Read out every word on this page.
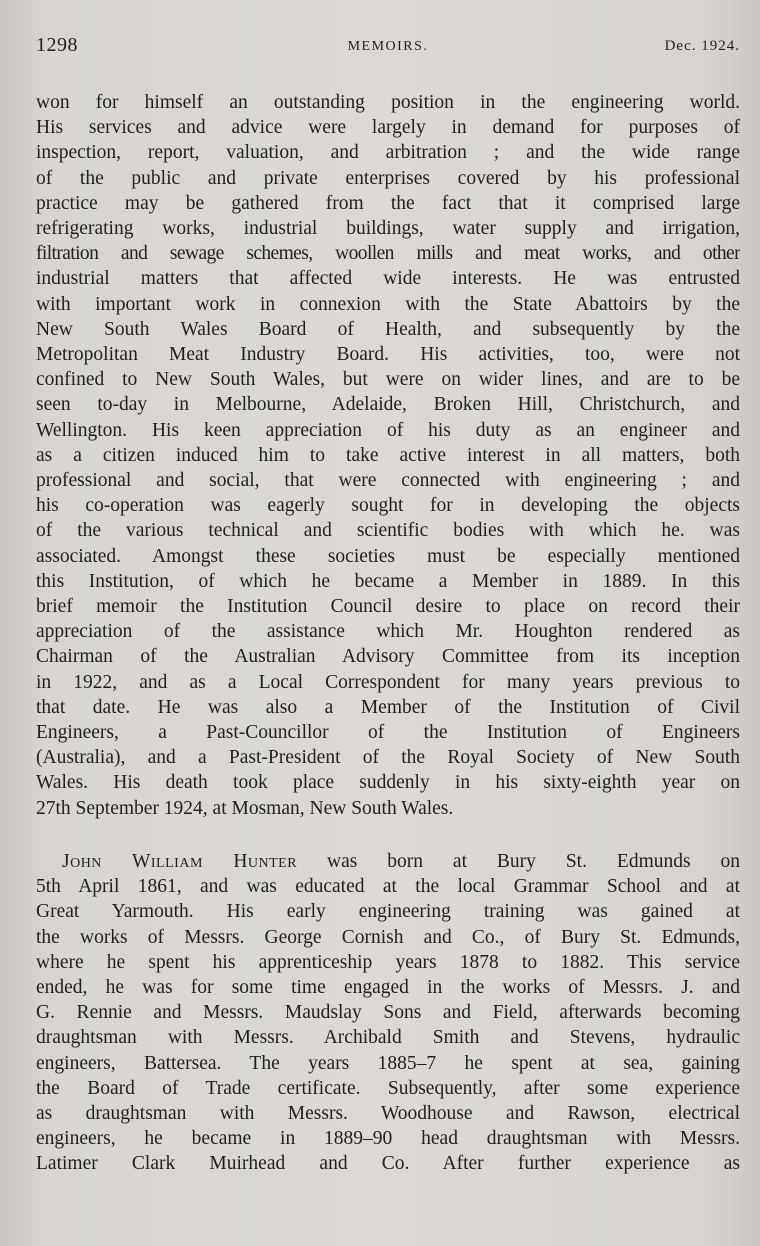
1298	MEMOIRS.	Dec. 1924.
won for himself an outstanding position in the engineering world.
His services and advice were largely in demand for purposes of
inspection, report, valuation, and arbitration ; and the wide range
of the public and private enterprises covered by his professional
practice may be gathered from the fact that it comprised large
refrigerating works, industrial buildings, water supply and irrigation,
filtration and sewage schemes, woollen mills and meat works, and other
industrial matters that affected wide interests. He was entrusted
with important work in connexion with the State Abattoirs by the
New South Wales Board of Health, and subsequently by the
Metropolitan Meat Industry Board. His activities, too, were not
confined to New South Wales, but were on wider lines, and are to be
seen to-day in Melbourne, Adelaide, Broken Hill, Christchurch, and
Wellington. His keen appreciation of his duty as an engineer and
as a citizen induced him to take active interest in all matters, both
professional and social, that were connected with engineering ; and
his co-operation was eagerly sought for in developing the objects
of the various technical and scientific bodies with which he. was
associated. Amongst these societies must be especially mentioned
this Institution, of which he became a Member in 1889. In this
brief memoir the Institution Council desire to place on record their
appreciation of the assistance which Mr. Houghton rendered as
Chairman of the Australian Advisory Committee from its inception
in 1922, and as a Local Correspondent for many years previous to
that date. He was also a Member of the Institution of Civil
Engineers, a Past-Councillor of the Institution of Engineers
(Australia), and a Past-President of the Royal Society of New South
Wales. His death took place suddenly in his sixty-eighth year on
27th September 1924, at Mosman, New South Wales.
John William Hunter was born at Bury St. Edmunds on
5th April 1861, and was educated at the local Grammar School and at
Great Yarmouth. His early engineering training was gained at
the works of Messrs. George Cornish and Co., of Bury St. Edmunds,
where he spent his apprenticeship years 1878 to 1882. This service
ended, he was for some time engaged in the works of Messrs. J. and
G. Rennie and Messrs. Maudslay Sons and Field, afterwards becoming
draughtsman with Messrs. Archibald Smith and Stevens, hydraulic
engineers, Battersea. The years 1885–7 he spent at sea, gaining
the Board of Trade certificate. Subsequently, after some experience
as draughtsman with Messrs. Woodhouse and Rawson, electrical
engineers, he became in 1889–90 head draughtsman with Messrs.
Latimer Clark Muirhead and Co. After further experience as
